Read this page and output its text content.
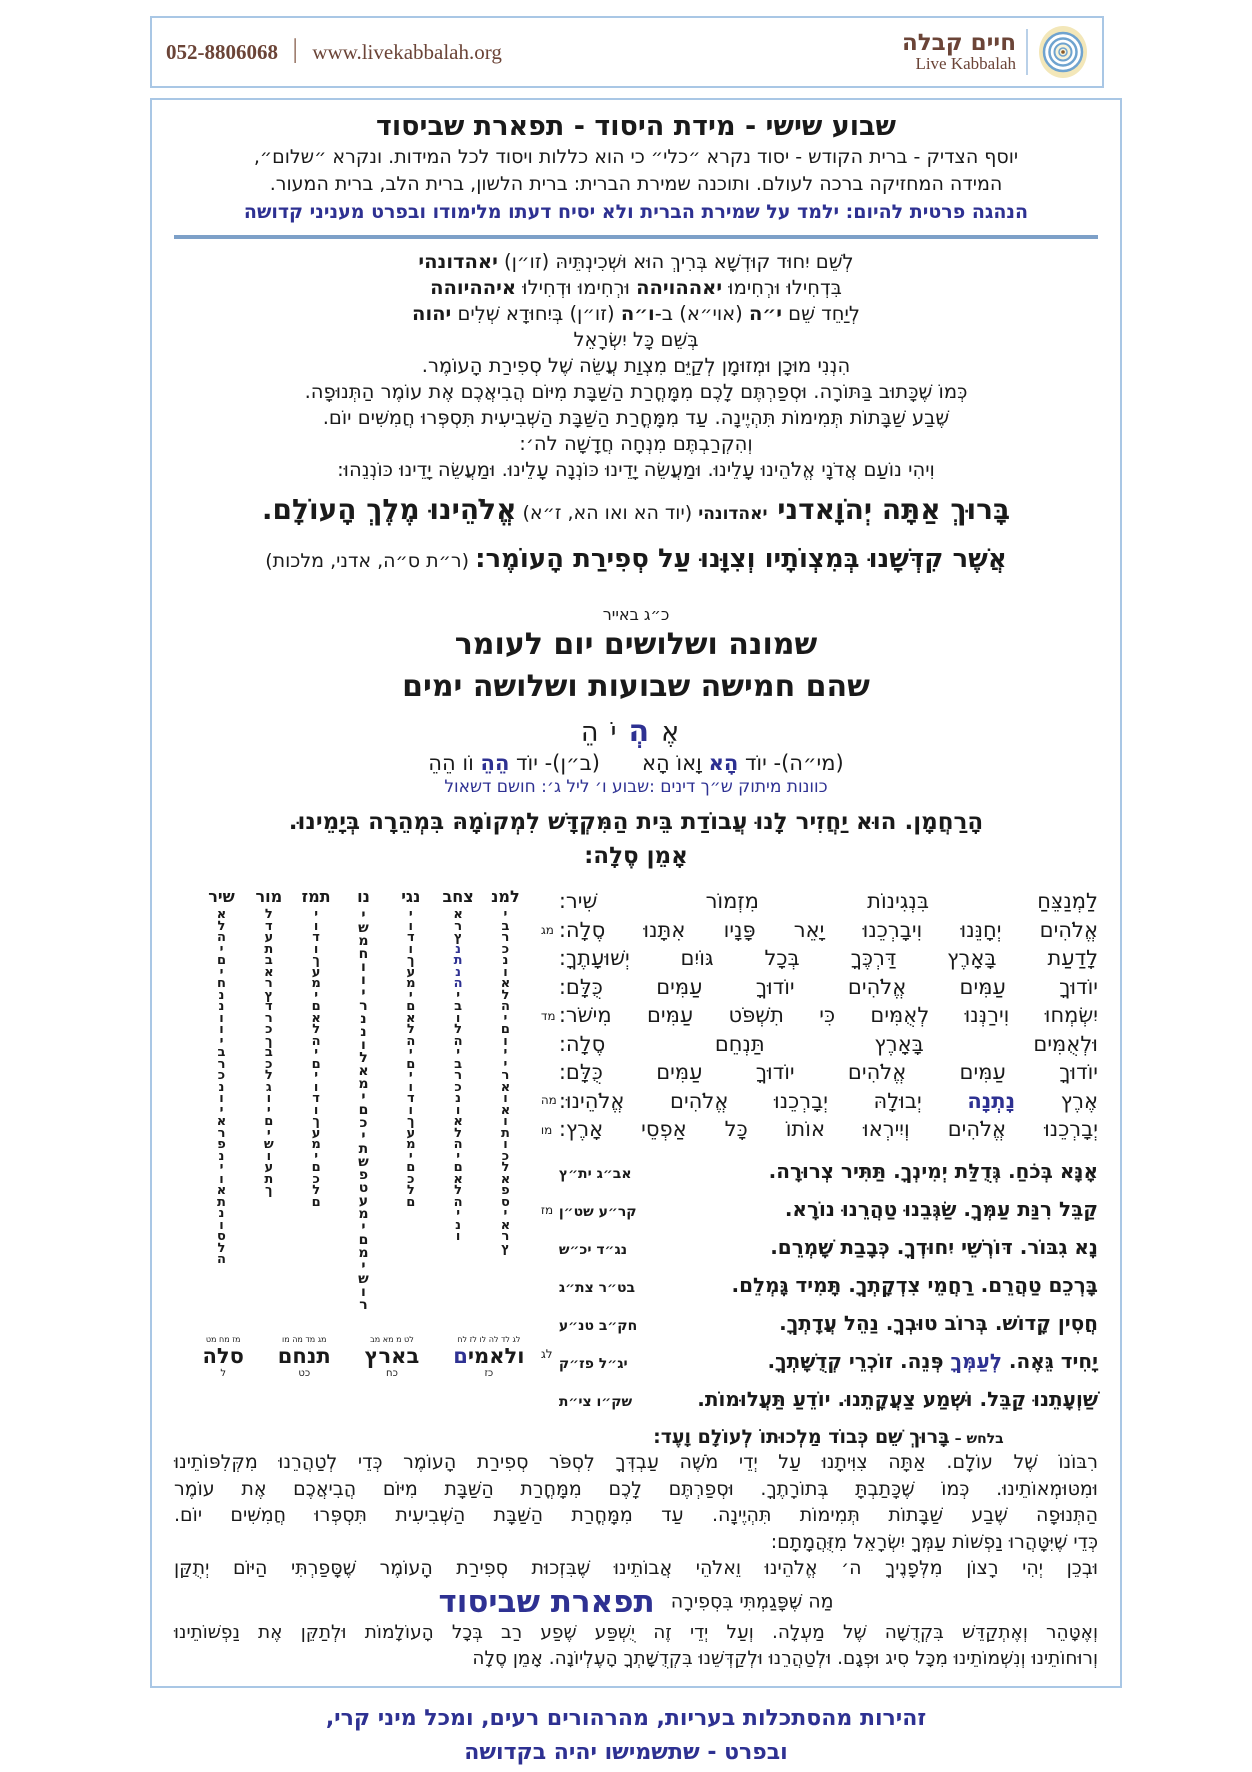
052-8806068 ׀ www.livekabbalah.org	חיים קבלה
Live Kabbalah
שבוע שישי - מידת היסוד - תפארת שביסוד
יוסף הצדיק - ברית הקודש - יסוד נקרא ״כלי״ כי הוא כללות ויסוד לכל המידות. ונקרא ״שלום״,
המידה המחזיקה ברכה לעולם. ותוכנה שמירת הברית: ברית הלשון, ברית הלב, ברית המעור.
הנהגה פרטית להיום: ילמד על שמירת הברית ולא יסיח דעתו מלימודו ובפרט מעניני קדושה
לְשֵׁם יִחוּד קוּדְשָׁא בְּרִיךְ הוּא וּשְׁכִינְתֵּיהּ (זו״ן) יאהדונהי
בִּדְחִילוּ וּרְחִימוּ יאההויהה וּרְחִימוּ וּדְחִילוּ איההיוהה
לְיַחֵד שֵׁם י״ה (אוי״א) ב-ו״ה (זו״ן) בְּיִחוּדָא שְׁלִים יהוה
בְּשֵׁם כָּל יִשְׂרָאֵל
הִנְנִי מוּכָן וּמְזוּמָן לְקַיֵּם מִצְוַת עֲשֵׂה שֶׁל סְפִירַת הָעוֹמֶר.
כְּמוֹ שֶׁכָּתוּב בַּתּוֹרָה. וּסְפַרְתֶּם לָכֶם מִמָּחֳרַת הַשַּׁבָּת מִיּוֹם הֲבִיאֲכֶם אֶת עוֹמֶר הַתְּנוּפָה.
שֶׁבַע שַׁבָּתוֹת תְּמִימוֹת תִּהְיֶינָה. עַד מִמָּחֳרַת הַשַּׁבָּת הַשְּׁבִיעִית תִּסְפְּרוּ חֲמִשִּׁים יוֹם.
וְהִקְרַבְתֶּם מִנְחָה חֲדָשָׁה לה׳:
וִיהִי נוֹעַם אֲדֹנָי אֱלֹהֵינוּ עָלֵינוּ. וּמַעֲשֵׂה יָדֵינוּ כּוֹנְנָה עָלֵינוּ. וּמַעֲשֵׂה יָדֵינוּ כּוֹנְנֵהוּ:
בָּרוּךְ אַתָּה יְהֹוָאדני יאהדונהי (יוד הא ואו הא, ז״א) אֱלֹהֵינוּ מֶלֶךְ הָעוֹלָם.
אֲשֶׁר קִדְּשָׁנוּ בְּמִצְוֹתָיו וְצִוָּנוּ עַל סְפִירַת הָעוֹמֶר: (ר״ת ס״ה, אדני, מלכות)
כ״ג באייר
שמונה ושלושים יום לעומר
שהם חמישה שבועות ושלושה ימים
אֶהְיֹהֵ
(מי״ה)- יוֹד הָא וָאוֹ הָא(ב״ן)- יוֹד הֵהֵ וֹו הֵהֵ
כוונות מיתוק ש״ך דינים :שבוע ו׳ ליל ג׳: חושם דשאול
הָרַחֲמָן. הוּא יַחֲזִיר לָנוּ עֲבוֹדַת בֵּית הַמִּקְדָּשׁ לִמְקוֹמָהּ בִּמְהֵרָה בְּיָמֵינוּ.
אָמֵן סֶלָה:
מג
מד
מה
מו
מז
לג
לַמְנַצֵּחַ בִּנְגִינוֹת מִזְמוֹר שִׁיר:
אֱלֹהִים יְחָנֵּנוּ וִיבָרְכֵנוּ יָאֵר פָּנָיו אִתָּנוּ סֶלָה:
לָדַעַת בָּאָרֶץ דַּרְכֶּךָ בְּכָל גּוֹיִם יְשׁוּעָתֶךָ:
יוֹדוּךָ עַמִּים אֱלֹהִים יוֹדוּךָ עַמִּים כֻּלָּם:
יִשְׂמְחוּ וִירַנְּנוּ לְאֻמִּים כִּי תִשְׁפֹּט עַמִּים מִישֹׁר:
וּלְאֻמִּים בָּאָרֶץ תַּנְחֵם סֶלָה:
יוֹדוּךָ עַמִּים אֱלֹהִים יוֹדוּךָ עַמִּים כֻּלָּם:
אֶרֶץ נָתְנָה יְבוּלָהּ יְבָרְכֵנוּ אֱלֹהִים אֱלֹהֵינוּ:
יְבָרְכֵנוּ אֱלֹהִים וְיִירְאוּ אוֹתוֹ כָּל אַפְסֵי אָרֶץ:
אָנָּא בְּכֹחַ. גְּדֻלַּת יְמִינְךָ. תַּתִּיר צְרוּרָה.
אב״ג ית״ץ
קַבֵּל רִנַּת עַמְּךָ. שַׂגְּבֵנוּ טַהֲרֵנוּ נוֹרָא.
קר״ע שט״ן
נָא גִבּוֹר. דּוֹרְשֵׁי יִחוּדְךָ. כְּבָבַת שָׁמְרֵם.
נג״ד יכ״ש
בָּרְכֵם טַהֲרֵם. רַחֲמֵי צִדְקָתְךָ. תָּמִיד גָּמְלֵם.
בט״ר צת״ג
חֲסִין קָדוֹשׁ. בְּרוֹב טוּבְךָ. נַהֵל עֲדָתְךָ.
חק״ב טנ״ע
יָחִיד גֵּאֶה. לְעַמְּךָ פְּנֵה. זוֹכְרֵי קְדֻשָּׁתְךָ.
יג״ל פז״ק
שַׁוְעָתֵנוּ קַבֵּל. וּשְׁמַע צַעֲקָתֵנוּ. יוֹדֵעַ תַּעֲלוּמוֹת.
שק״ו צי״ת
בלחש – בָּרוּךְ שֵׁם כְּבוֹד מַלְכוּתוֹ לְעוֹלָם וָעֶד:
למנ
צחב
נגי
נו
תמז
מור
שיר
י
ב
ר
כ
נ
ו
א
ל
ה
י
ם
ו
י
י
ר
א
ו
א
ו
ת
ו
כ
ל
א
פ
ס
י
א
ר
ץ
א
ר
ץ
נ
ת
נ
ה
י
ב
ו
ל
ה
י
ב
ר
כ
נ
ו
א
ל
ה
י
ם
א
ל
ה
י
נ
ו
י
ו
ד
ו
ך
ע
מ
י
ם
א
ל
ה
י
ם
י
ו
ד
ו
ך
ע
מ
י
ם
כ
ל
ם
י
ש
מ
ח
ו
ו
י
ר
נ
נ
ו
ל
א
מ
י
ם
כ
י
ת
ש
פ
ט
ע
מ
י
ם
מ
י
ש
ו
ר
י
ו
ד
ו
ך
ע
מ
י
ם
א
ל
ה
י
ם
י
ו
ד
ו
ך
ע
מ
י
ם
כ
ל
ם
ל
ד
ע
ת
ב
א
ר
ץ
ד
ר
כ
ך
ב
כ
ל
ג
ו
י
ם
י
ש
ו
ע
ת
ך
א
ל
ה
י
ם
י
ח
נ
נ
ו
ו
י
ב
ר
כ
נ
ו
י
א
ר
פ
נ
י
ו
א
ת
נ
ו
ס
ל
ה
לג לד לה לו לז לח
ולאמים
כז
לט מ מא מב
בארץ
כח
מג מד מה מו
תנחם
כט
מז מח מט
סלה
ל
רִבּוֹנוֹ שֶׁל עוֹלָם. אַתָּה צִוִּיתָנוּ עַל יְדֵי מֹשֶׁה עַבְדְּךָ לִסְפֹּר סְפִירַת הָעוֹמֶר כְּדֵי לְטַהֲרֵנוּ מִקְּלִפּוֹתֵינוּ
וּמִטּוּמְאוֹתֵינוּ. כְּמוֹ שֶׁכָּתַבְתָּ בְּתוֹרָתֶךָ. וּסְפַרְתֶּם לָכֶם מִמָּחֳרַת הַשַּׁבָּת מִיּוֹם הֲבִיאֲכֶם אֶת עוֹמֶר
הַתְּנוּפָה שֶׁבַע שַׁבָּתוֹת תְּמִימוֹת תִּהְיֶינָה. עַד מִמָּחֳרַת הַשַּׁבָּת הַשְּׁבִיעִית תִּסְפְּרוּ חֲמִשִּׁים יוֹם.
כְּדֵי שֶׁיִּטָּהֲרוּ נַפְשׁוֹת עַמְּךָ יִשְׂרָאֵל מִזֻּהֲמָתָם:
וּבְכֵן יְהִי רָצוֹן מִלְּפָנֶיךָ ה׳ אֱלֹהֵינוּ וֵאלֹהֵי אֲבוֹתֵינוּ שֶׁבִּזְכוּת סְפִירַת הָעוֹמֶר שֶׁסָּפַרְתִּי הַיּוֹם יְתֻקַּן
מַה שֶּׁפָּגַמְתִּי בִּסְפִירָה תפארת שביסוד
וְאֶטָּהֵר וְאֶתְקַדֵּשׁ בִּקְדֻשָּׁה שֶׁל מַעְלָה. וְעַל יְדֵי זֶה יֻשְׁפַּע שֶׁפַע רַב בְּכָל הָעוֹלָמוֹת וּלְתַקֵּן אֶת נַפְשׁוֹתֵינוּ
וְרוּחוֹתֵינוּ וְנִשְׁמוֹתֵינוּ מִכָּל סִיג וּפְגָם. וּלְטַהֲרֵנוּ וּלְקַדְּשֵׁנוּ בִּקְדֻשָּׁתְךָ הָעֶלְיוֹנָה. אָמֵן סֶלָה
זהירות מהסתכלות בעריות, מהרהורים רעים, ומכל מיני קרי,
ובפרט - שתשמישו יהיה בקדושה
